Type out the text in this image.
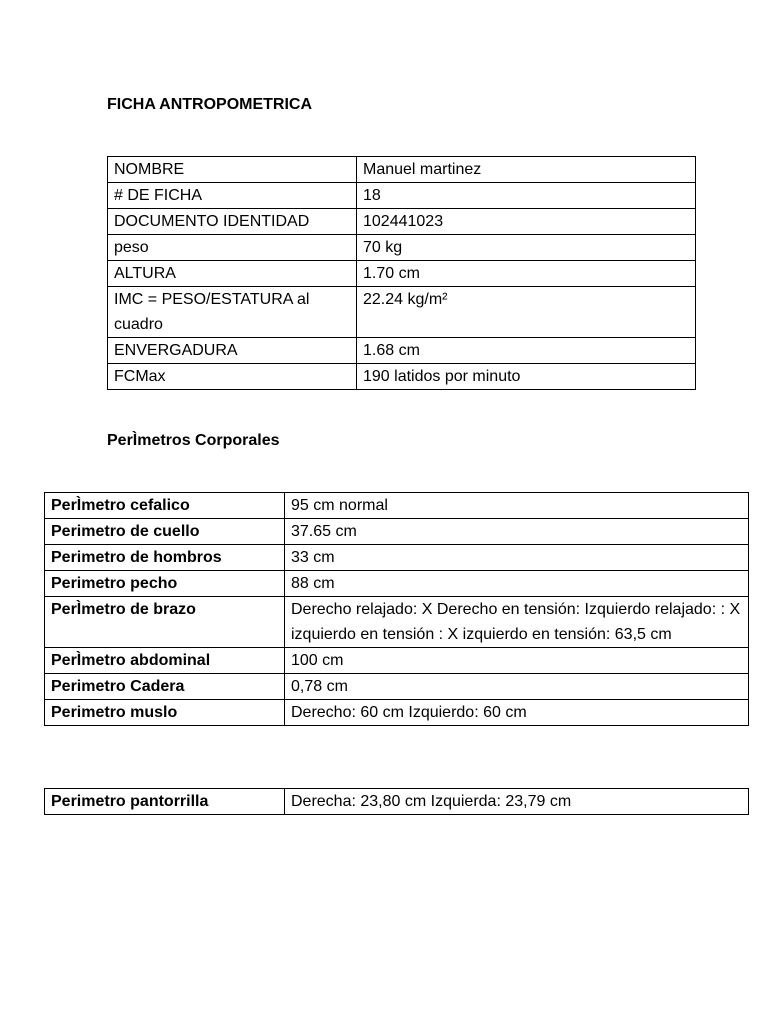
FICHA ANTROPOMETRICA
NOMBRE	Manuel martinez
# DE FICHA	18
DOCUMENTO IDENTIDAD	102441023
peso	70 kg
ALTURA	1.70 cm
IMC = PESO/ESTATURA al cuadro	22.24 kg/m²
ENVERGADURA	1.68 cm
FCMax	190 latidos por minuto
PerÌmetros Corporales
PerÌmetro cefalico	95 cm normal
Perimetro de cuello	37.65 cm
Perimetro de hombros	33 cm
Perimetro pecho	88 cm
PerÌmetro de brazo	Derecho relajado: X Derecho en tensión: Izquierdo relajado: : X izquierdo en tensión : X izquierdo en tensión: 63,5 cm
PerÌmetro abdominal	100 cm
Perimetro Cadera	0,78 cm
Perimetro muslo	Derecho: 60 cm Izquierdo: 60 cm
Perimetro pantorrilla	Derecha: 23,80 cm Izquierda: 23,79 cm
